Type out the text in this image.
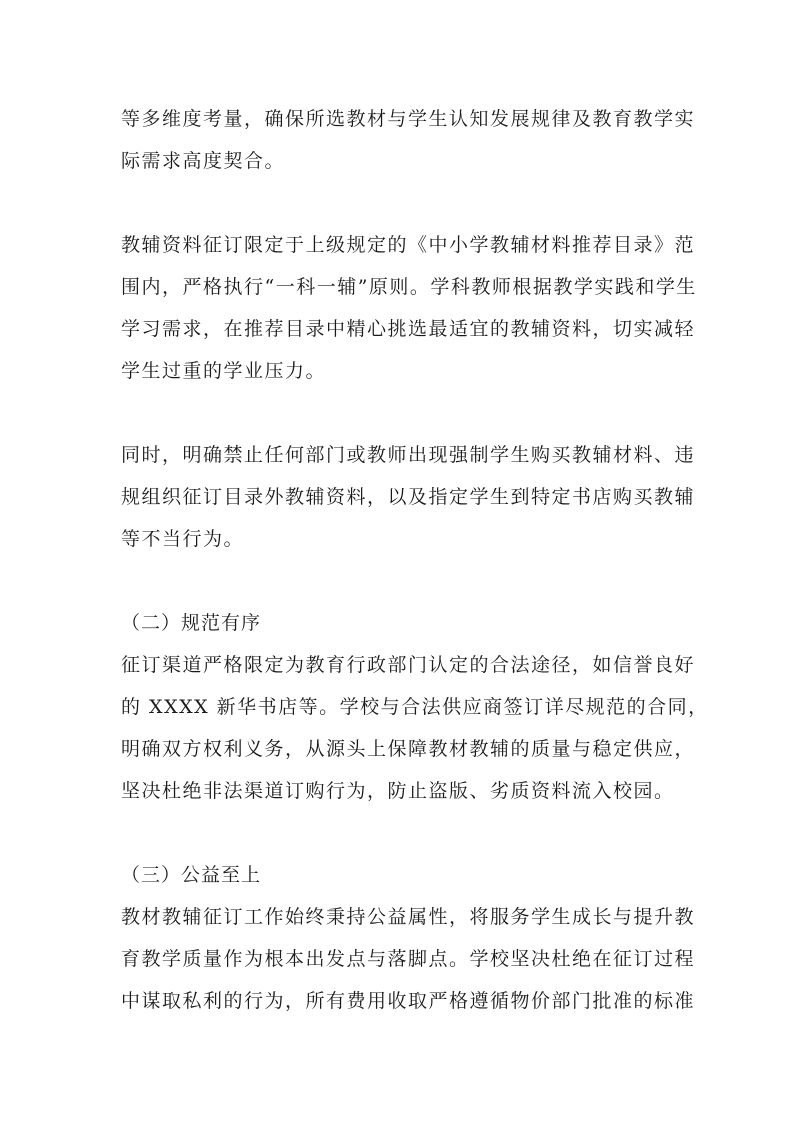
等多维度考量，确保所选教材与学生认知发展规律及教育教学实
际需求高度契合。
教辅资料征订限定于上级规定的《中小学教辅材料推荐目录》范
围内，严格执行“一科一辅”原则。学科教师根据教学实践和学生
学习需求，在推荐目录中精心挑选最适宜的教辅资料，切实减轻
学生过重的学业压力。
同时，明确禁止任何部门或教师出现强制学生购买教辅材料、违
规组织征订目录外教辅资料，以及指定学生到特定书店购买教辅
等不当行为。
（二）规范有序
征订渠道严格限定为教育行政部门认定的合法途径，如信誉良好
的 XXXX 新华书店等。学校与合法供应商签订详尽规范的合同，
明确双方权利义务，从源头上保障教材教辅的质量与稳定供应，
坚决杜绝非法渠道订购行为，防止盗版、劣质资料流入校园。
（三）公益至上
教材教辅征订工作始终秉持公益属性，将服务学生成长与提升教
育教学质量作为根本出发点与落脚点。学校坚决杜绝在征订过程
中谋取私利的行为，所有费用收取严格遵循物价部门批准的标准
